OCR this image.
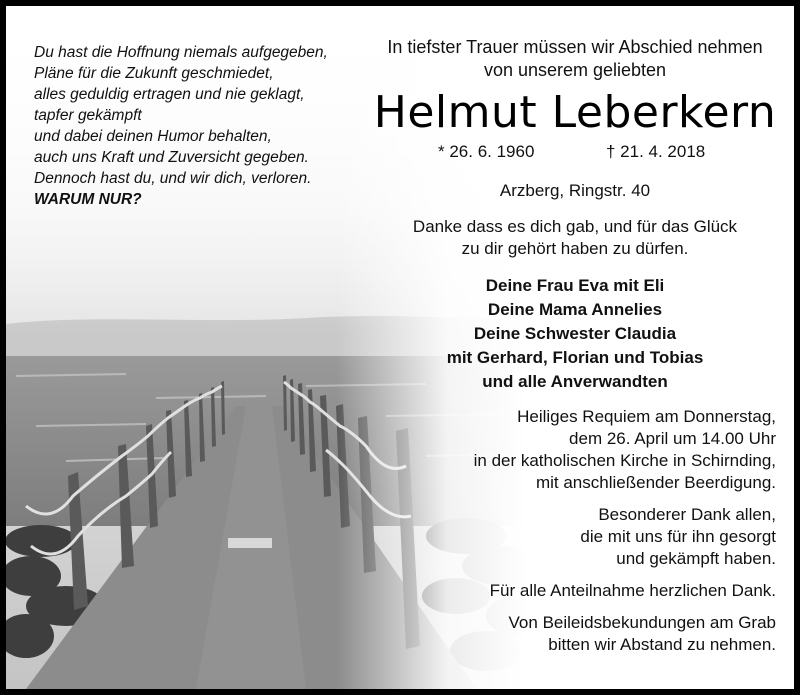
Du hast die Hoffnung niemals aufgegeben,
Pläne für die Zukunft geschmiedet,
alles geduldig ertragen und nie geklagt,
tapfer gekämpft
und dabei deinen Humor behalten,
auch uns Kraft und Zuversicht gegeben.
Dennoch hast du, und wir dich, verloren.
WARUM NUR?
In tiefster Trauer müssen wir Abschied nehmen
von unserem geliebten
Helmut Leberkern
* 26. 6. 1960	† 21. 4. 2018
Arzberg, Ringstr. 40
Danke dass es dich gab, und für das Glück
zu dir gehört haben zu dürfen.
Deine Frau Eva mit Eli
Deine Mama Annelies
Deine Schwester Claudia
mit Gerhard, Florian und Tobias
und alle Anverwandten
Heiliges Requiem am Donnerstag,
dem 26. April um 14.00 Uhr
in der katholischen Kirche in Schirnding,
mit anschließender Beerdigung.
Besonderer Dank allen,
die mit uns für ihn gesorgt
und gekämpft haben.
Für alle Anteilnahme herzlichen Dank.
Von Beileidsbekundungen am Grab
bitten wir Abstand zu nehmen.
